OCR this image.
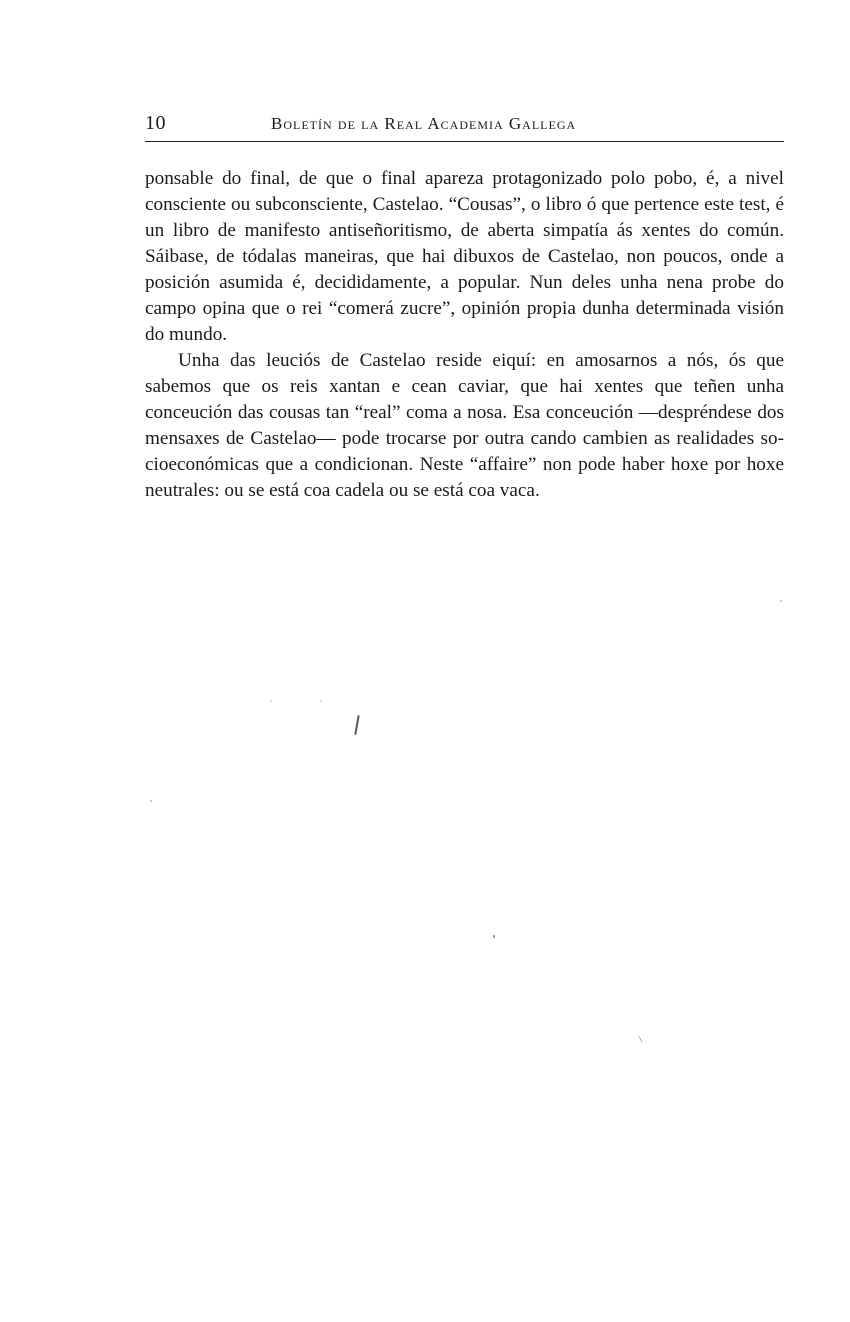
10	Boletín de la Real Academia Gallega

ponsable do final, de que o final apareza protagonizado polo pobo, é, a nivel consciente ou subconsciente, Castelao. “Cousas”, o libro ó que pertence este test, é un libro de manifesto antiseñoritismo, de aberta simpatía ás xentes do común. Sáibase, de tódalas maneiras, que hai dibuxos de Castelao, non poucos, onde a posición asumida é, decididamente, a popular. Nun deles unha nena probe do campo opina que o rei “comerá zucre”, opinión propia dunha determinada visión do mundo.

Unha das leuciós de Castelao reside eiquí: en amosarnos a nós, ós que sabemos que os reis xantan e cean caviar, que hai xentes que teñen unha conceución das cousas tan “real” coma a nosa. Esa conceución —despréndese dos mensaxes de Castelao— pode trocarse por outra cando cambien as realidades socioeconómicas que a condicionan. Neste “affaire” non pode haber hoxe por hoxe neutrales: ou se está coa cadela ou se está coa vaca.
